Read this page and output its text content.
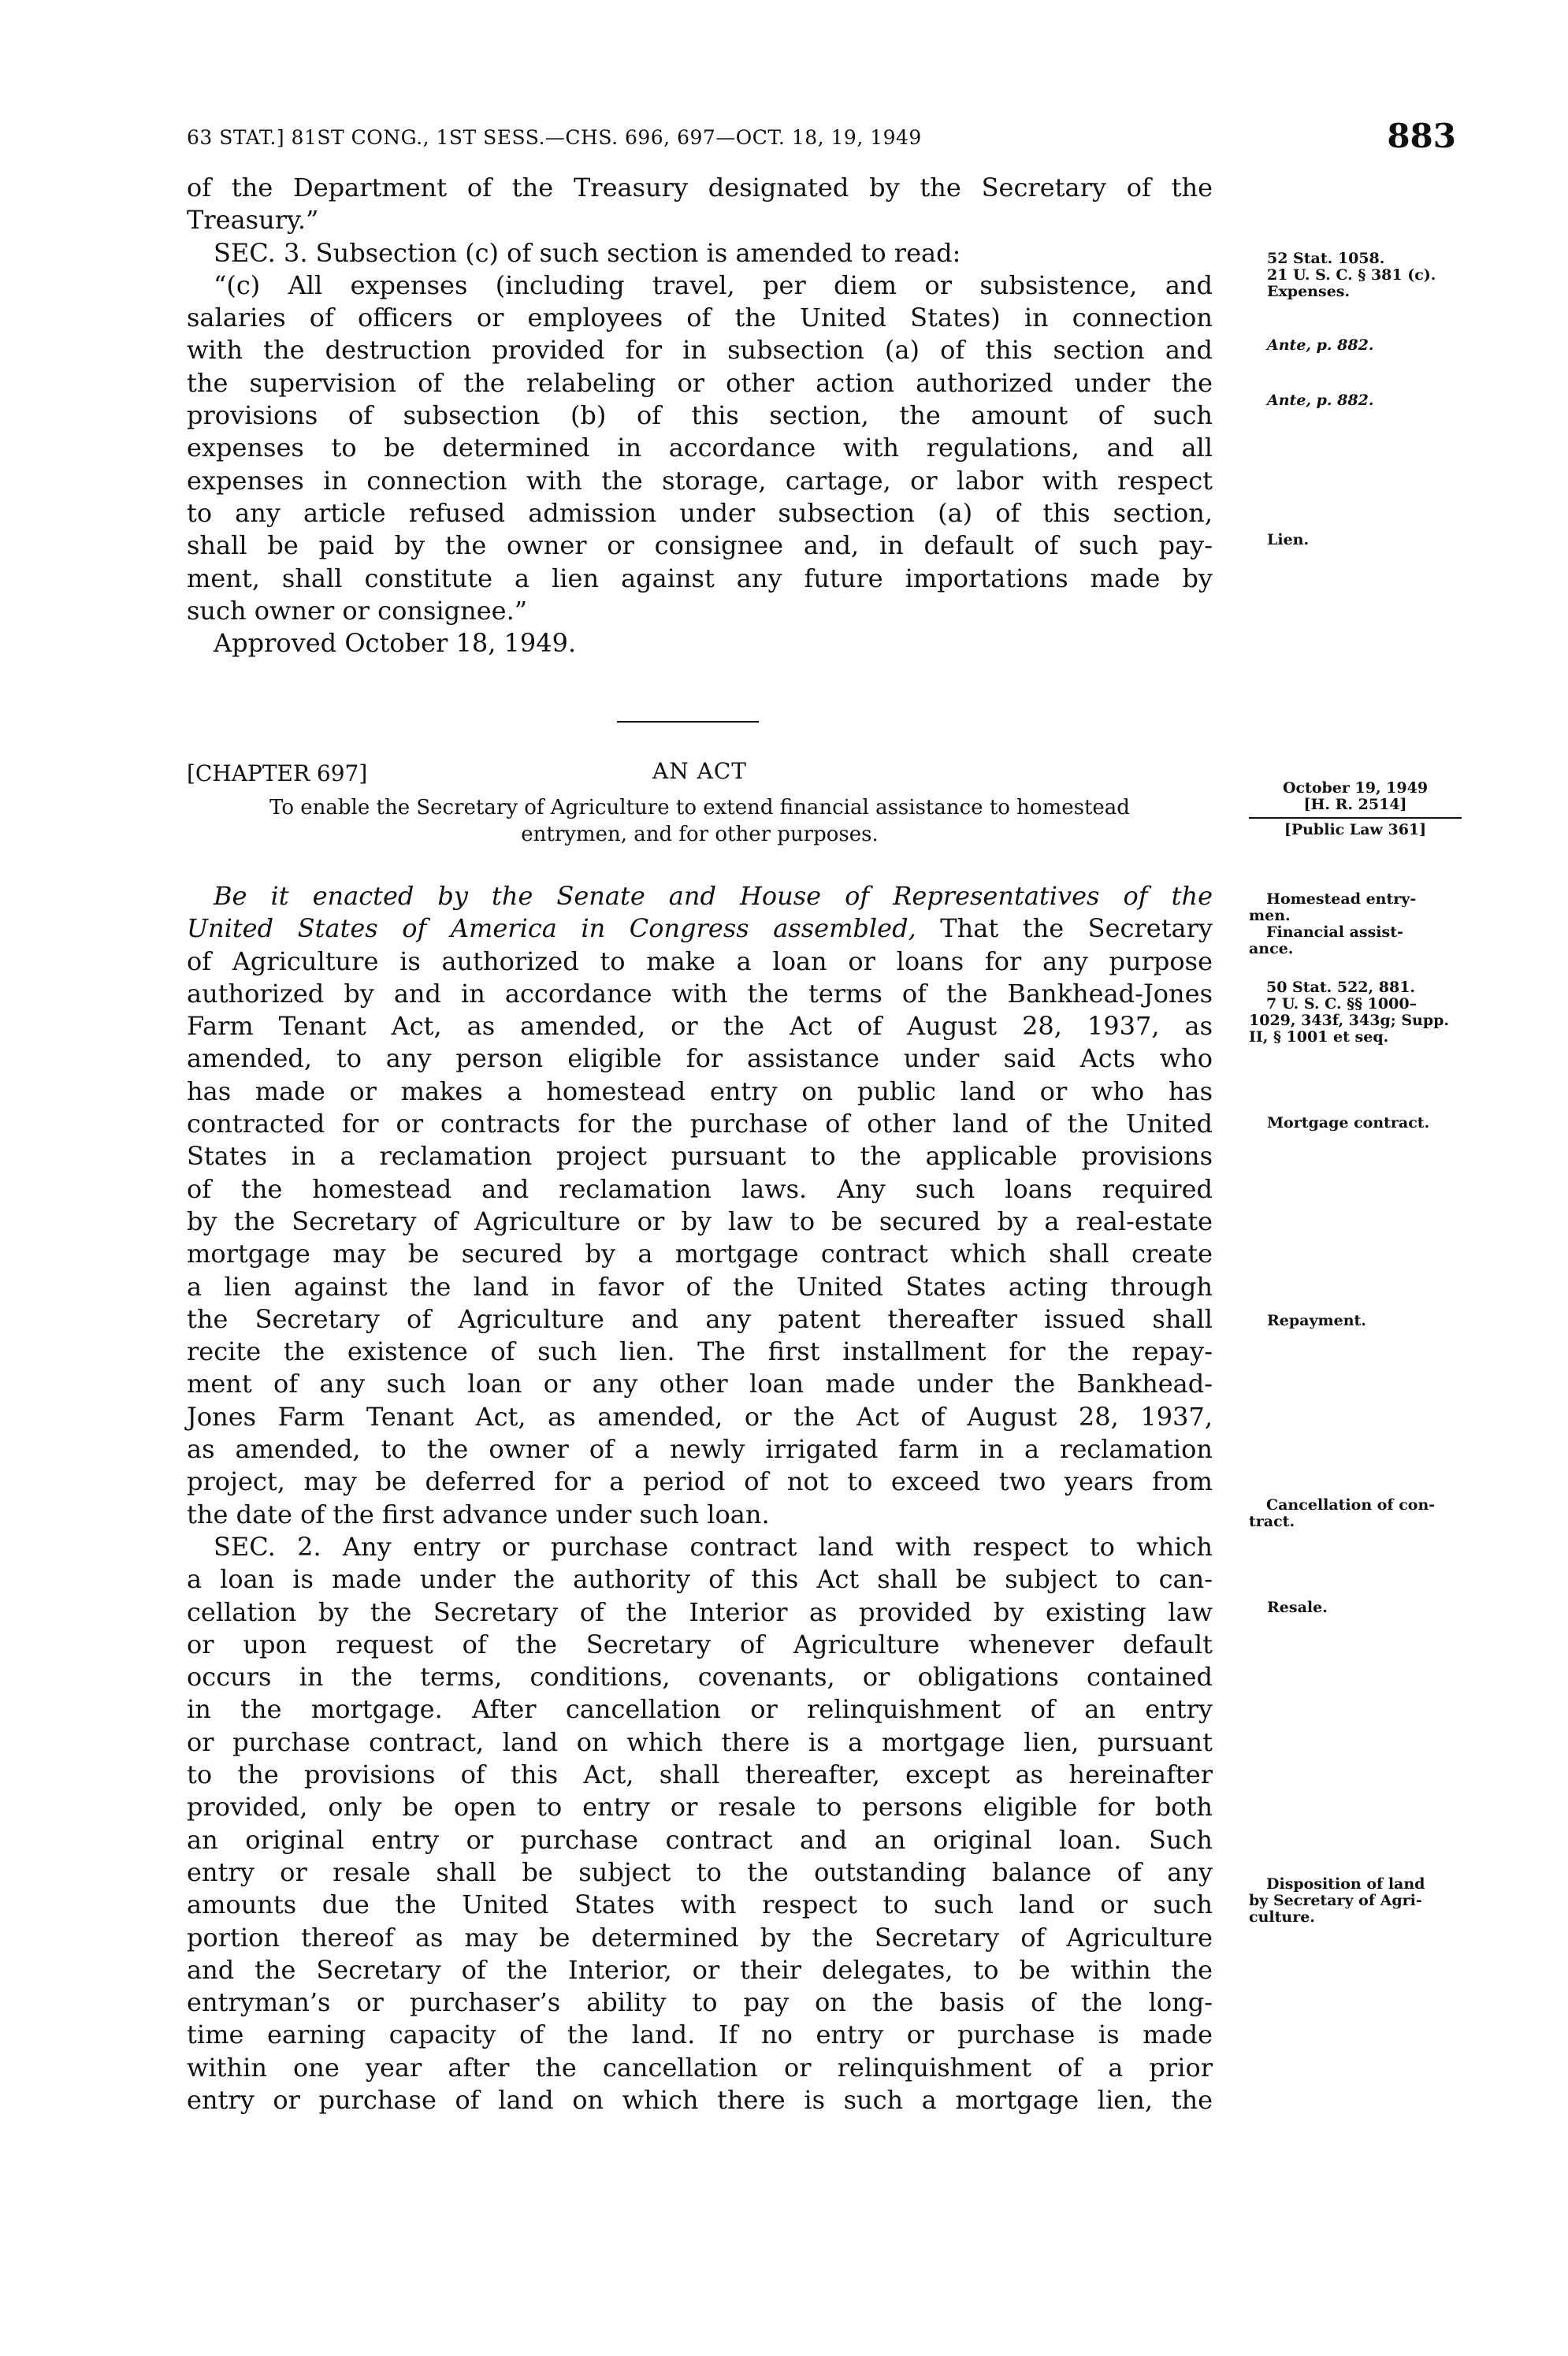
63 STAT.] 81ST CONG., 1ST SESS.—CHS. 696, 697—OCT. 18, 19, 1949	883
of the Department of the Treasury designated by the Secretary of the
Treasury.”
SEC. 3. Subsection (c) of such section is amended to read:
“(c) All expenses (including travel, per diem or subsistence, and
salaries of officers or employees of the United States) in connection
with the destruction provided for in subsection (a) of this section and
the supervision of the relabeling or other action authorized under the
provisions of subsection (b) of this section, the amount of such
expenses to be determined in accordance with regulations, and all
expenses in connection with the storage, cartage, or labor with respect
to any article refused admission under subsection (a) of this section,
shall be paid by the owner or consignee and, in default of such pay-
ment, shall constitute a lien against any future importations made by
such owner or consignee.”
Approved October 18, 1949.
[CHAPTER 697]	AN ACT
To enable the Secretary of Agriculture to extend financial assistance to homestead
entrymen, and for other purposes.
October 19, 1949
[H. R. 2514]
[Public Law 361]
Be it enacted by the Senate and House of Representatives of the
United States of America in Congress assembled, That the Secretary
of Agriculture is authorized to make a loan or loans for any purpose
authorized by and in accordance with the terms of the Bankhead-Jones
Farm Tenant Act, as amended, or the Act of August 28, 1937, as
amended, to any person eligible for assistance under said Acts who
has made or makes a homestead entry on public land or who has
contracted for or contracts for the purchase of other land of the United
States in a reclamation project pursuant to the applicable provisions
of the homestead and reclamation laws. Any such loans required
by the Secretary of Agriculture or by law to be secured by a real-estate
mortgage may be secured by a mortgage contract which shall create
a lien against the land in favor of the United States acting through
the Secretary of Agriculture and any patent thereafter issued shall
recite the existence of such lien. The first installment for the repay-
ment of any such loan or any other loan made under the Bankhead-
Jones Farm Tenant Act, as amended, or the Act of August 28, 1937,
as amended, to the owner of a newly irrigated farm in a reclamation
project, may be deferred for a period of not to exceed two years from
the date of the first advance under such loan.
SEC. 2. Any entry or purchase contract land with respect to which
a loan is made under the authority of this Act shall be subject to can-
cellation by the Secretary of the Interior as provided by existing law
or upon request of the Secretary of Agriculture whenever default
occurs in the terms, conditions, covenants, or obligations contained
in the mortgage. After cancellation or relinquishment of an entry
or purchase contract, land on which there is a mortgage lien, pursuant
to the provisions of this Act, shall thereafter, except as hereinafter
provided, only be open to entry or resale to persons eligible for both
an original entry or purchase contract and an original loan. Such
entry or resale shall be subject to the outstanding balance of any
amounts due the United States with respect to such land or such
portion thereof as may be determined by the Secretary of Agriculture
and the Secretary of the Interior, or their delegates, to be within the
entryman’s or purchaser’s ability to pay on the basis of the long-
time earning capacity of the land. If no entry or purchase is made
within one year after the cancellation or relinquishment of a prior
entry or purchase of land on which there is such a mortgage lien, the
52 Stat. 1058.
21 U. S. C. § 381 (c).
Expenses.
Ante, p. 882.
Ante, p. 882.
Lien.
Homestead entry-
men.
Financial assist-
ance.
50 Stat. 522, 881.
7 U. S. C. §§ 1000–
1029, 343f, 343g; Supp.
II, § 1001 et seq.
Mortgage contract.
Repayment.
Cancellation of con-
tract.
Resale.
Disposition of land
by Secretary of Agri-
culture.
